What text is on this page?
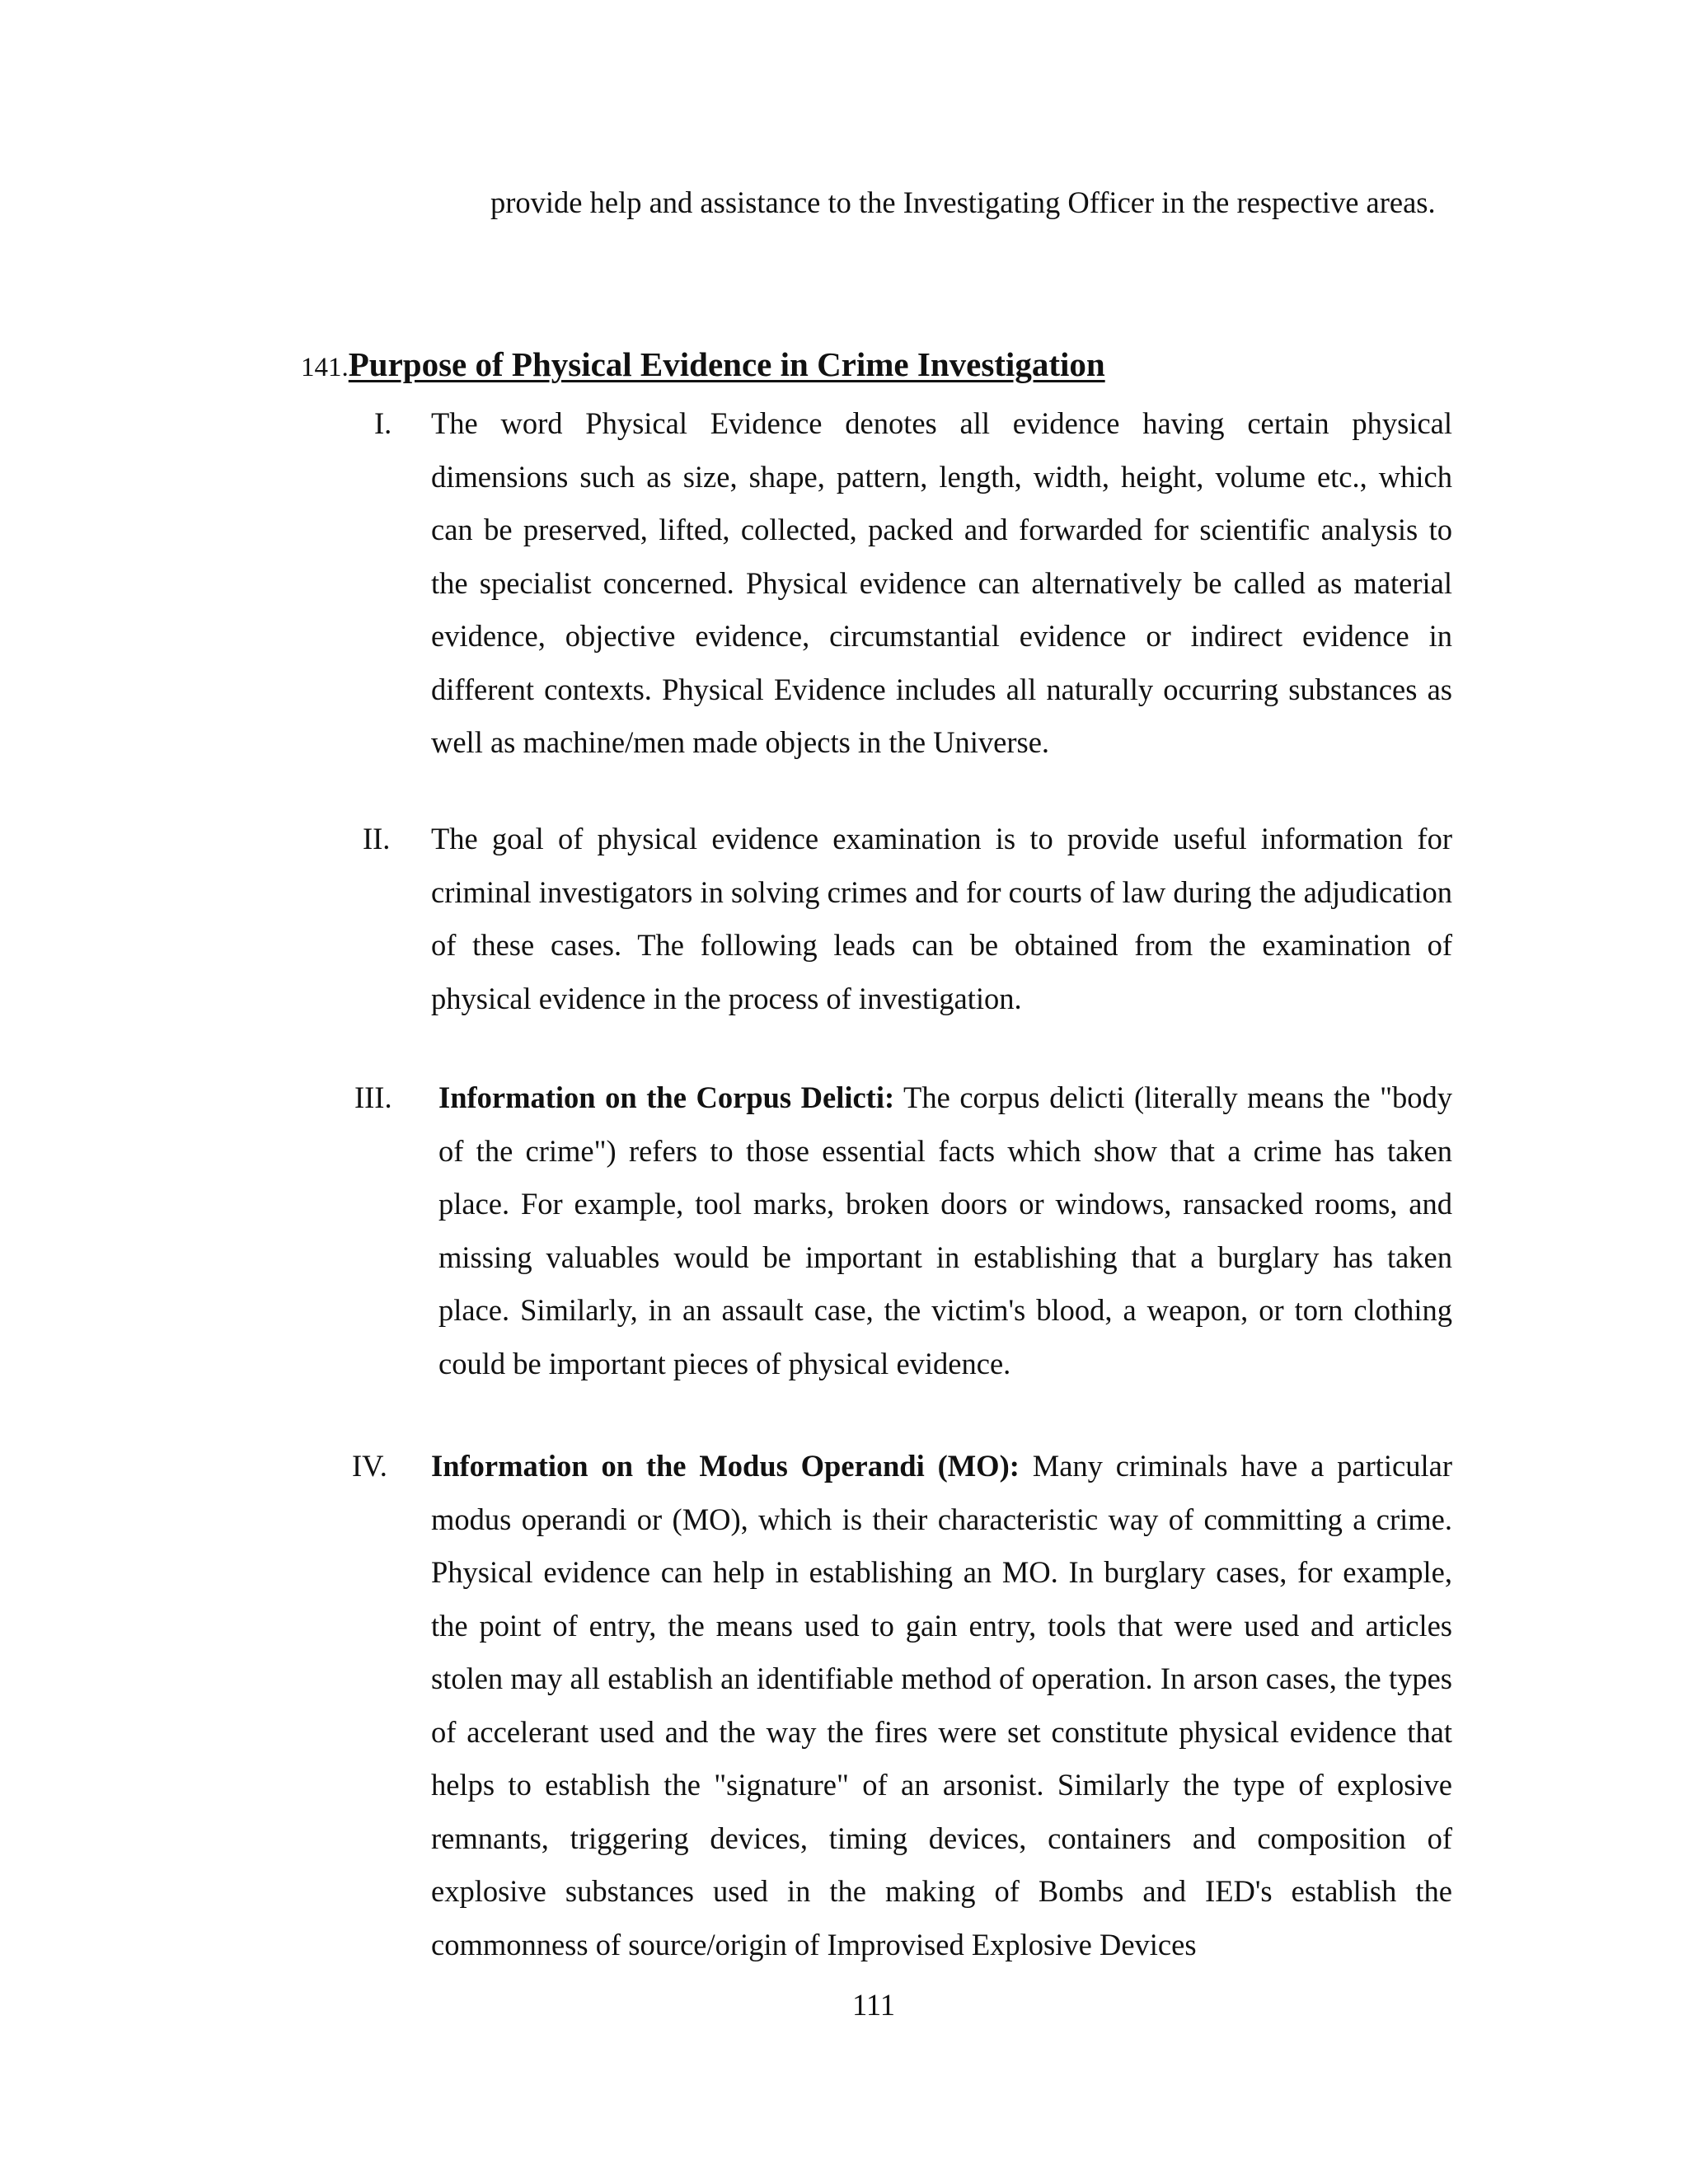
provide help and assistance to the Investigating Officer in the respective areas.

141.Purpose of Physical Evidence in Crime Investigation
I. The word Physical Evidence denotes all evidence having certain physical dimensions such as size, shape, pattern, length, width, height, volume etc., which can be preserved, lifted, collected, packed and forwarded for scientific analysis to the specialist concerned. Physical evidence can alternatively be called as material evidence, objective evidence, circumstantial evidence or indirect evidence in different contexts. Physical Evidence includes all naturally occurring substances as well as machine/men made objects in the Universe.

II. The goal of physical evidence examination is to provide useful information for criminal investigators in solving crimes and for courts of law during the adjudication of these cases. The following leads can be obtained from the examination of physical evidence in the process of investigation.

III. Information on the Corpus Delicti: The corpus delicti (literally means the "body of the crime") refers to those essential facts which show that a crime has taken place. For example, tool marks, broken doors or windows, ransacked rooms, and missing valuables would be important in establishing that a burglary has taken place. Similarly, in an assault case, the victim's blood, a weapon, or torn clothing could be important pieces of physical evidence.

IV. Information on the Modus Operandi (MO): Many criminals have a particular modus operandi or (MO), which is their characteristic way of committing a crime. Physical evidence can help in establishing an MO. In burglary cases, for example, the point of entry, the means used to gain entry, tools that were used and articles stolen may all establish an identifiable method of operation. In arson cases, the types of accelerant used and the way the fires were set constitute physical evidence that helps to establish the "signature" of an arsonist. Similarly the type of explosive remnants, triggering devices, timing devices, containers and composition of explosive substances used in the making of Bombs and IED's establish the commonness of source/origin of Improvised Explosive Devices

111
